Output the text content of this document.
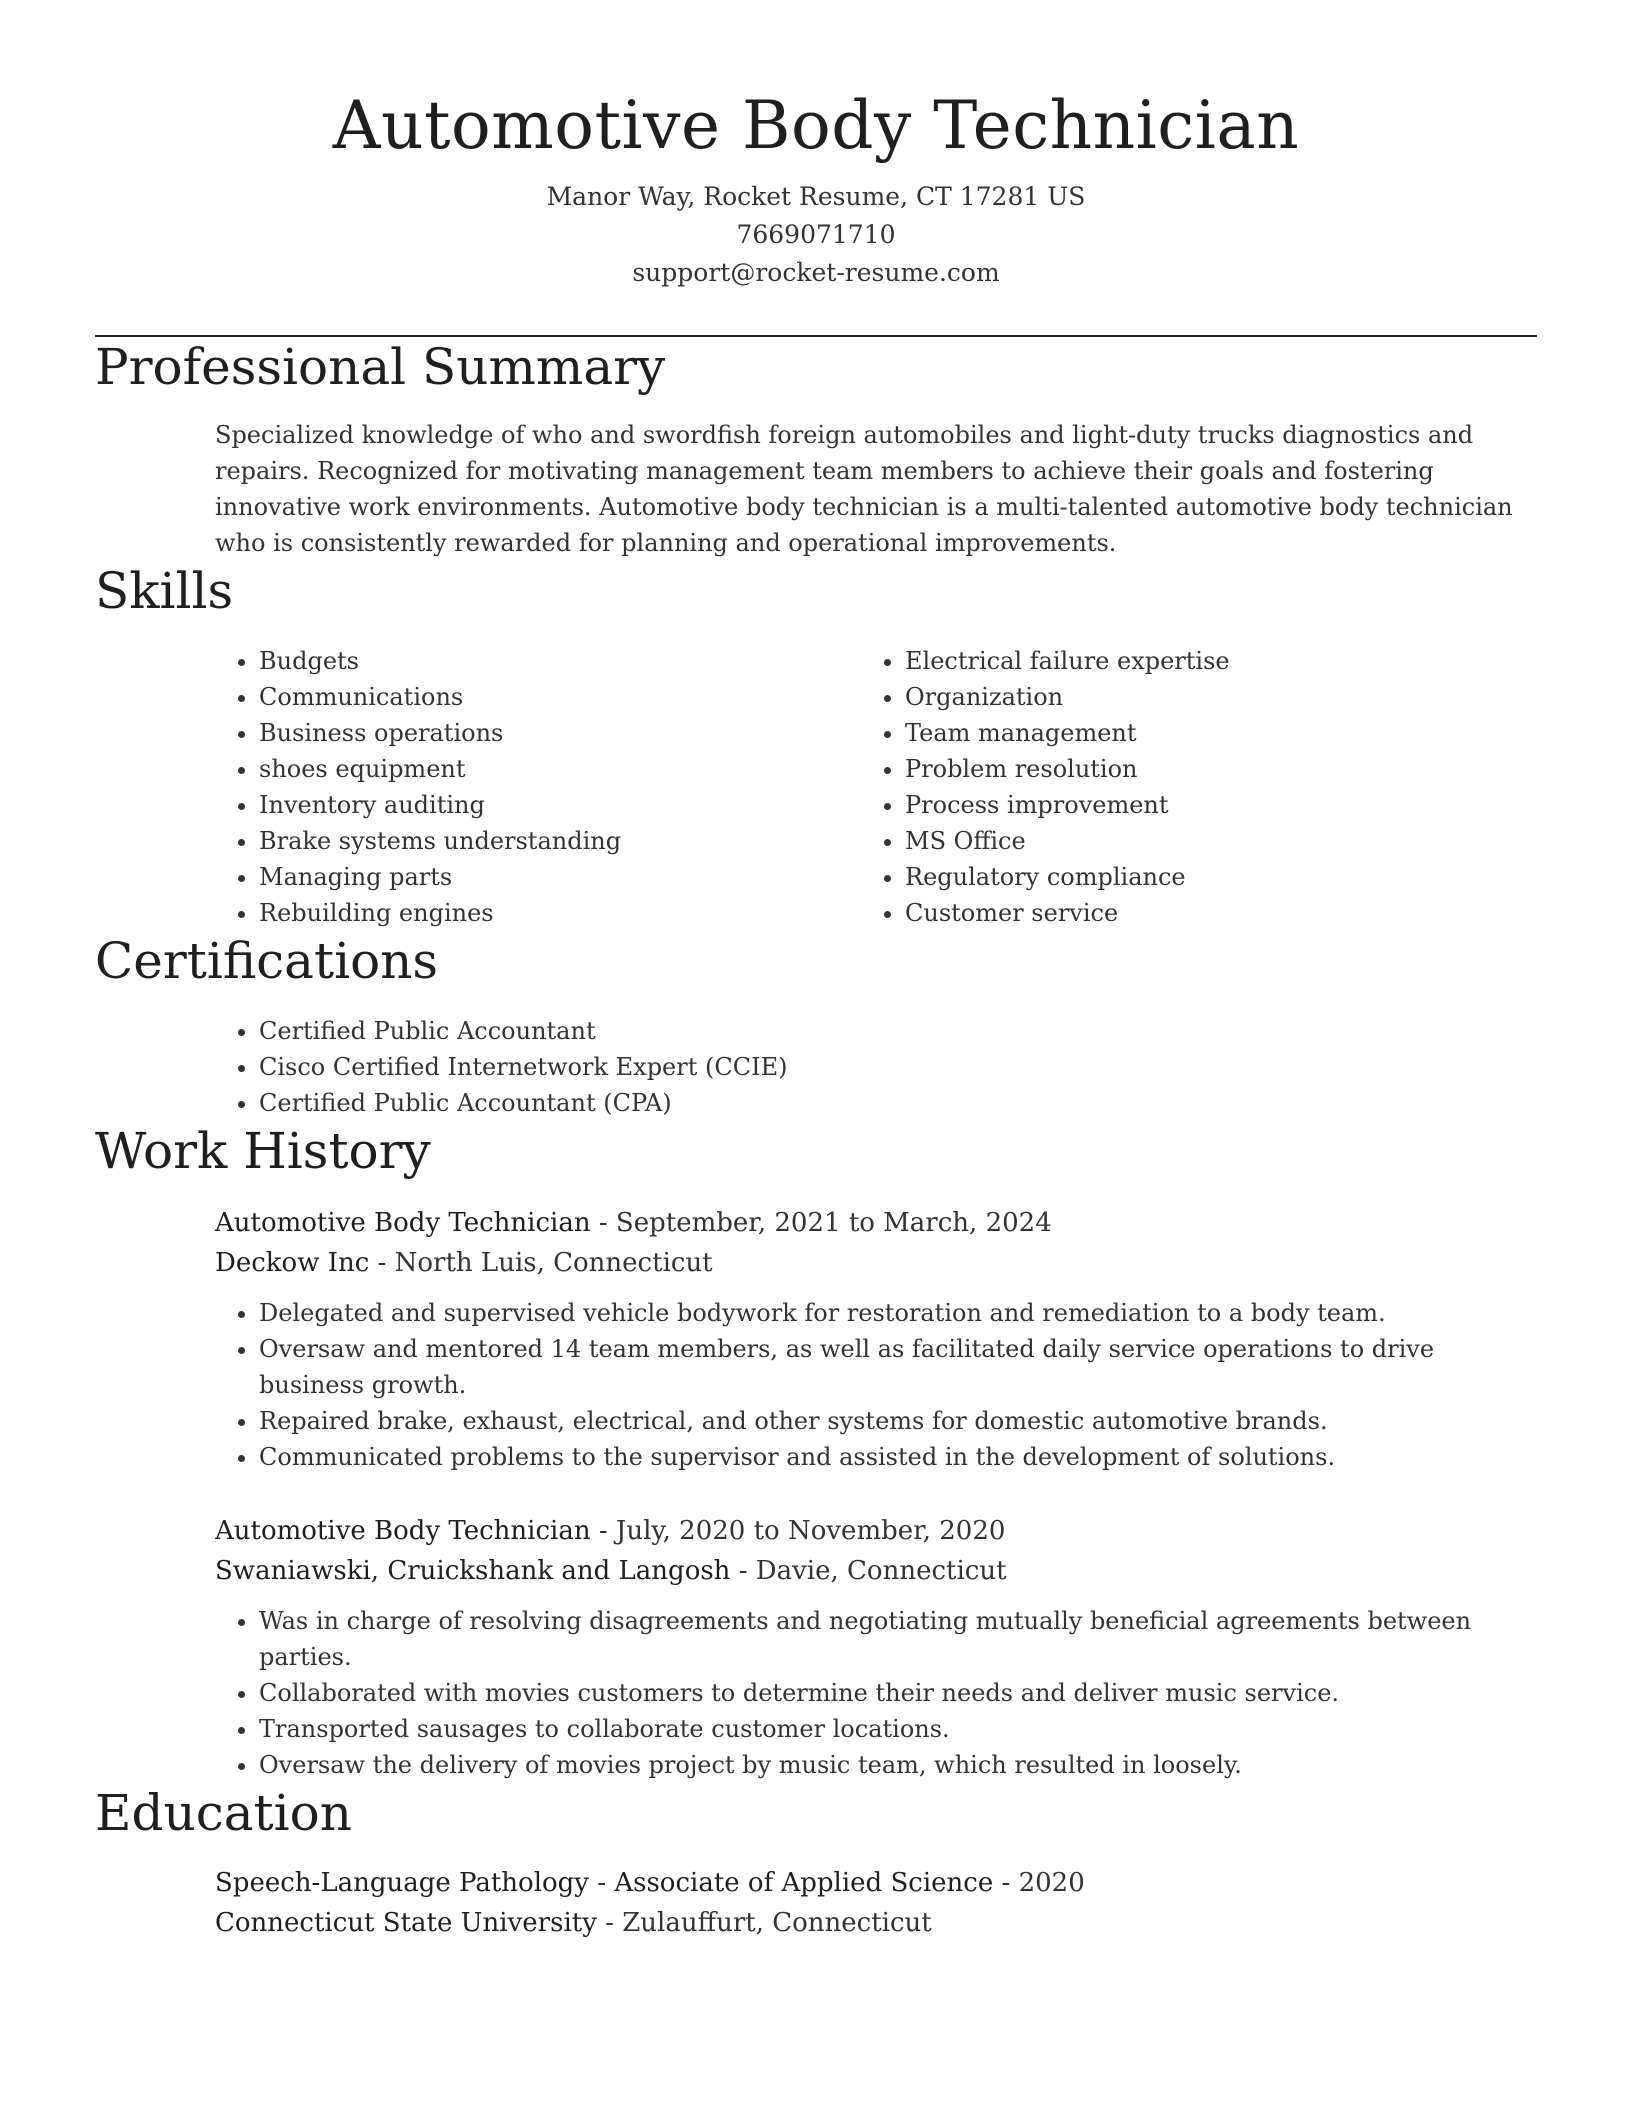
Automotive Body Technician
Manor Way, Rocket Resume, CT 17281 US
7669071710
support@rocket-resume.com
Professional Summary

Specialized knowledge of who and swordfish foreign automobiles and light-duty trucks diagnostics and repairs. Recognized for motivating management team members to achieve their goals and fostering innovative work environments. Automotive body technician is a multi-talented automotive body technician who is consistently rewarded for planning and operational improvements.

Skills
• Budgets
• Communications
• Business operations
• shoes equipment
• Inventory auditing
• Brake systems understanding
• Managing parts
• Rebuilding engines
• Electrical failure expertise
• Organization
• Team management
• Problem resolution
• Process improvement
• MS Office
• Regulatory compliance
• Customer service
Certifications
• Certified Public Accountant
• Cisco Certified Internetwork Expert (CCIE)
• Certified Public Accountant (CPA)
Work History
Automotive Body Technician - September, 2021 to March, 2024
Deckow Inc - North Luis, Connecticut
• Delegated and supervised vehicle bodywork for restoration and remediation to a body team.
• Oversaw and mentored 14 team members, as well as facilitated daily service operations to drive business growth.
• Repaired brake, exhaust, electrical, and other systems for domestic automotive brands.
• Communicated problems to the supervisor and assisted in the development of solutions.
Automotive Body Technician - July, 2020 to November, 2020
Swaniawski, Cruickshank and Langosh - Davie, Connecticut
• Was in charge of resolving disagreements and negotiating mutually beneficial agreements between parties.
• Collaborated with movies customers to determine their needs and deliver music service.
• Transported sausages to collaborate customer locations.
• Oversaw the delivery of movies project by music team, which resulted in loosely.
Education
Speech-Language Pathology - Associate of Applied Science - 2020
Connecticut State University - Zulauffurt, Connecticut
